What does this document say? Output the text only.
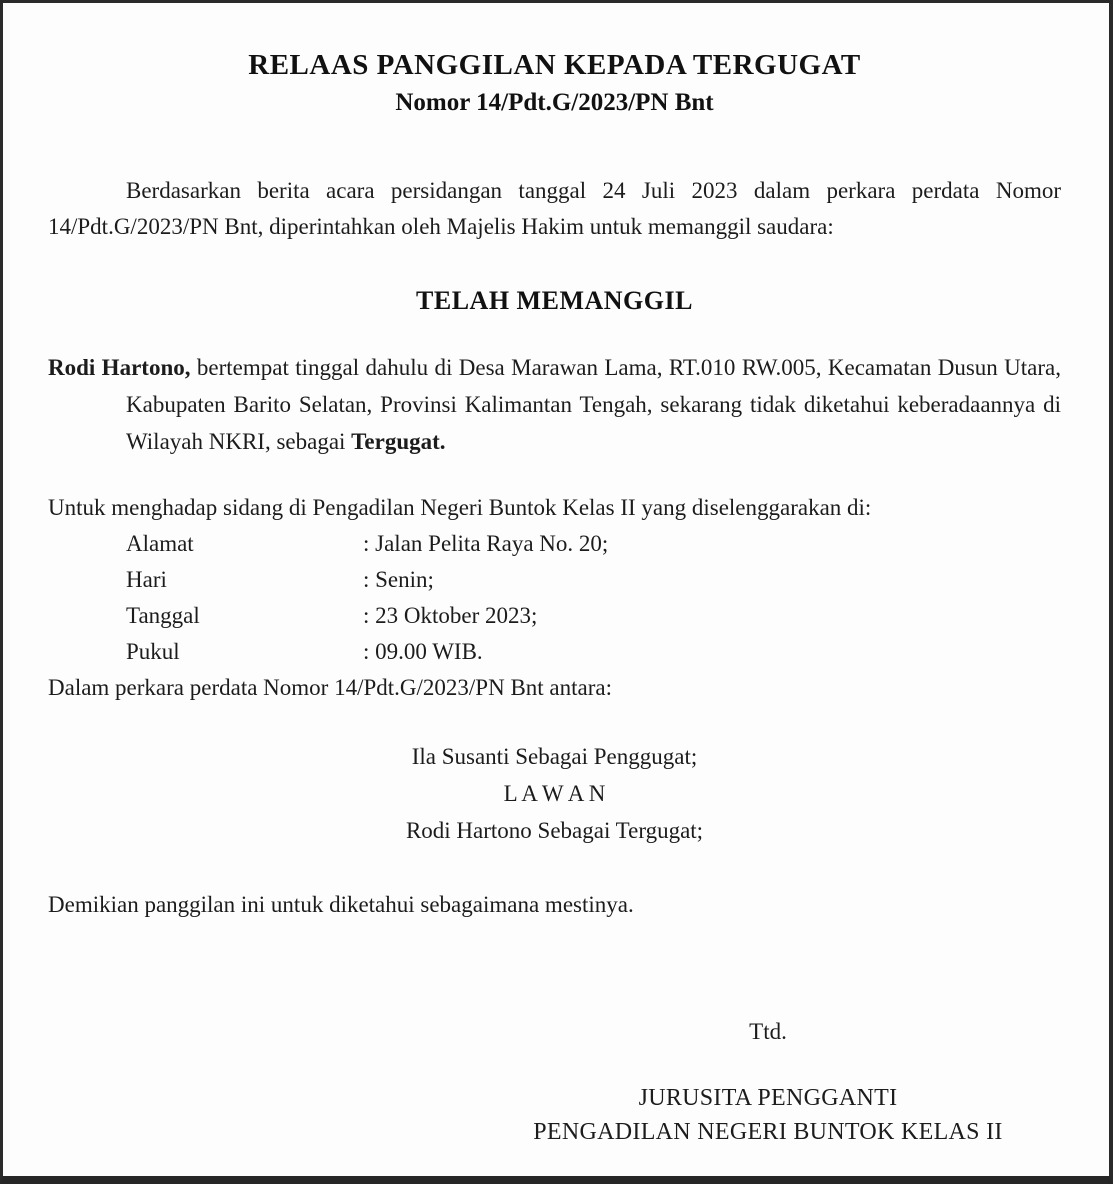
RELAAS PANGGILAN KEPADA TERGUGAT
Nomor 14/Pdt.G/2023/PN Bnt

Berdasarkan berita acara persidangan tanggal 24 Juli 2023 dalam perkara perdata Nomor 14/Pdt.G/2023/PN Bnt, diperintahkan oleh Majelis Hakim untuk memanggil saudara:

TELAH MEMANGGIL

Rodi Hartono, bertempat tinggal dahulu di Desa Marawan Lama, RT.010 RW.005, Kecamatan Dusun Utara, Kabupaten Barito Selatan, Provinsi Kalimantan Tengah, sekarang tidak diketahui keberadaannya di Wilayah NKRI, sebagai Tergugat.

Untuk menghadap sidang di Pengadilan Negeri Buntok Kelas II yang diselenggarakan di:

Alamat	: Jalan Pelita Raya No. 20;
Hari	: Senin;
Tanggal	: 23 Oktober 2023;
Pukul	: 09.00 WIB.

Dalam perkara perdata Nomor 14/Pdt.G/2023/PN Bnt antara:

Ila Susanti Sebagai Penggugat;
L A W A N
Rodi Hartono Sebagai Tergugat;

Demikian panggilan ini untuk diketahui sebagaimana mestinya.

Ttd.
JURUSITA PENGGANTI
PENGADILAN NEGERI BUNTOK KELAS II
